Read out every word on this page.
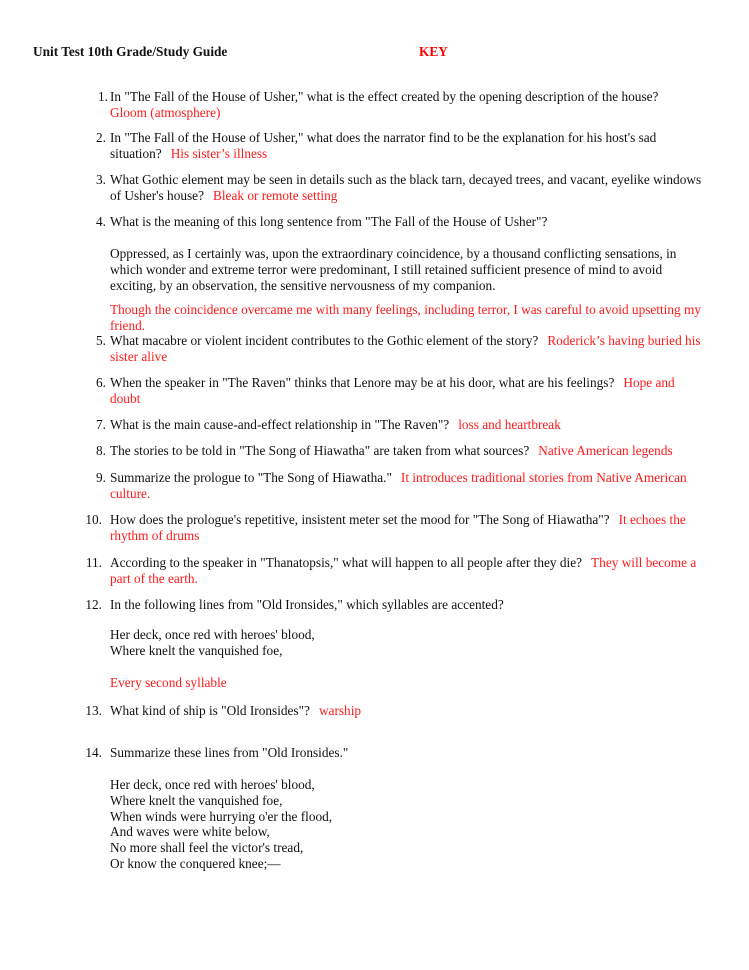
Unit Test 10th Grade/Study Guide	KEY
1. In "The Fall of the House of Usher," what is the effect created by the opening description of the house?
Gloom (atmosphere)
2. In "The Fall of the House of Usher," what does the narrator find to be the explanation for his host's sad situation? His sister’s illness
3. What Gothic element may be seen in details such as the black tarn, decayed trees, and vacant, eyelike windows of Usher's house? Bleak or remote setting
4. What is the meaning of this long sentence from "The Fall of the House of Usher"?
Oppressed, as I certainly was, upon the extraordinary coincidence, by a thousand conflicting sensations, in which wonder and extreme terror were predominant, I still retained sufficient presence of mind to avoid exciting, by an observation, the sensitive nervousness of my companion.
Though the coincidence overcame me with many feelings, including terror, I was careful to avoid upsetting my friend.
5. What macabre or violent incident contributes to the Gothic element of the story? Roderick’s having buried his sister alive
6. When the speaker in "The Raven" thinks that Lenore may be at his door, what are his feelings? Hope and doubt
7. What is the main cause-and-effect relationship in "The Raven"? loss and heartbreak
8. The stories to be told in "The Song of Hiawatha" are taken from what sources? Native American legends
9. Summarize the prologue to "The Song of Hiawatha." It introduces traditional stories from Native American culture.
10. How does the prologue's repetitive, insistent meter set the mood for "The Song of Hiawatha"? It echoes the rhythm of drums
11. According to the speaker in "Thanatopsis," what will happen to all people after they die? They will become a part of the earth.
12. In the following lines from "Old Ironsides," which syllables are accented?
Her deck, once red with heroes' blood,
Where knelt the vanquished foe,
Every second syllable
13. What kind of ship is "Old Ironsides"? warship
14. Summarize these lines from "Old Ironsides."
Her deck, once red with heroes' blood,
Where knelt the vanquished foe,
When winds were hurrying o'er the flood,
And waves were white below,
No more shall feel the victor's tread,
Or know the conquered knee;—
